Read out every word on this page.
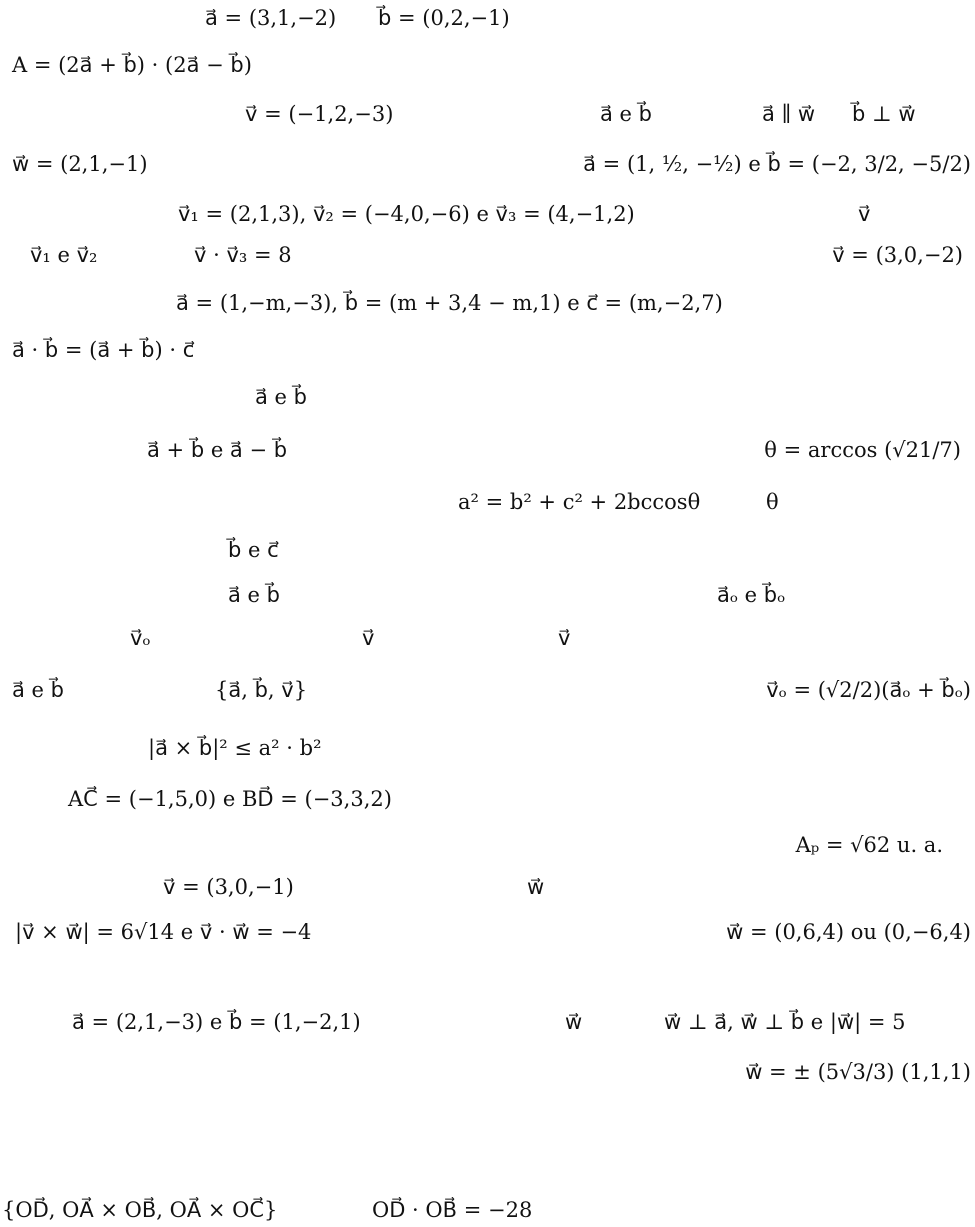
a⃗ = (3,1,−2) b⃗ = (0,2,−1)
A = (2a⃗ + b⃗) · (2a⃗ − b⃗)
v⃗ = (−1,2,−3)	a⃗ e b⃗	a⃗ ∥ w⃗ b⃗ ⊥ w⃗
w⃗ = (2,1,−1)	a⃗ = (1, ½, −½) e b⃗ = (−2, 3/2, −5/2)
v⃗₁ = (2,1,3), v⃗₂ = (−4,0,−6) e v⃗₃ = (4,−1,2)	v⃗
v⃗₁ e v⃗₂	v⃗ · v⃗₃ = 8	v⃗ = (3,0,−2)
a⃗ = (1,−m,−3), b⃗ = (m + 3,4 − m,1) e c⃗ = (m,−2,7)
a⃗ · b⃗ = (a⃗ + b⃗) · c⃗
a⃗ e b⃗
a⃗ + b⃗ e a⃗ − b⃗	θ = arccos (√21/7)
a² = b² + c² + 2bccosθ	θ
b⃗ e c⃗
a⃗ e b⃗	a⃗ₒ e b⃗ₒ
v⃗ₒ	v⃗	v⃗
a⃗ e b⃗	{a⃗, b⃗, v⃗}	v⃗ₒ = (√2/2)(a⃗ₒ + b⃗ₒ)
|a⃗ × b⃗|² ≤ a² · b²
AC⃗ = (−1,5,0) e BD⃗ = (−3,3,2)
Aₚ = √62 u. a.
v⃗ = (3,0,−1)	w⃗
|v⃗ × w⃗| = 6√14 e v⃗ · w⃗ = −4	w⃗ = (0,6,4) ou (0,−6,4)
a⃗ = (2,1,−3) e b⃗ = (1,−2,1)	w⃗	w⃗ ⊥ a⃗, w⃗ ⊥ b⃗ e |w⃗| = 5
w⃗ = ± (5√3/3) (1,1,1)
{OD⃗, OA⃗ × OB⃗, OA⃗ × OC⃗}	OD⃗ · OB⃗ = −28
